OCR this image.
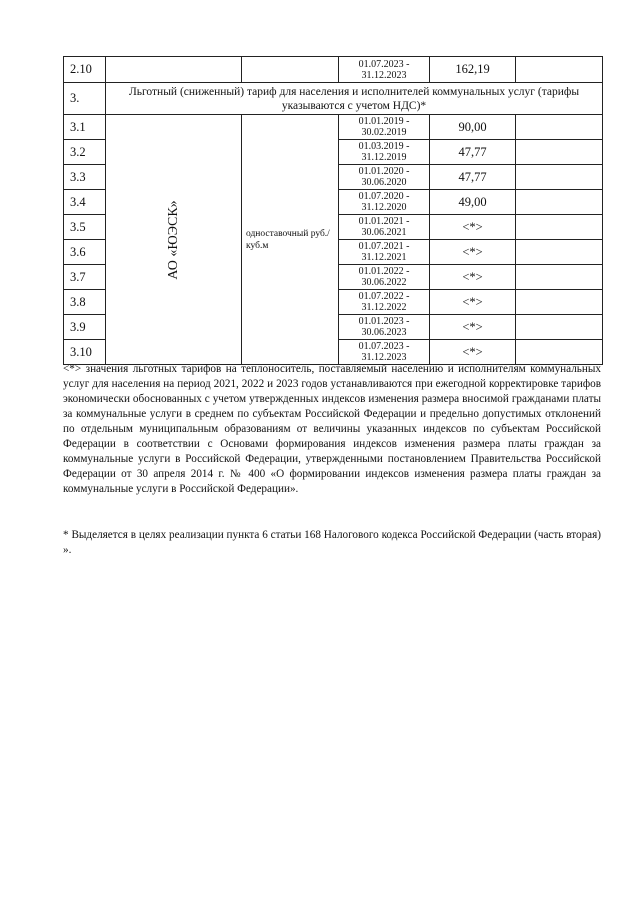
2.10			01.07.2023 - 31.12.2023	162,19	
3.	Льготный (сниженный) тариф для населения и исполнителей коммунальных услуг (тарифы указываются с учетом НДС)*				
3.1	АО «ЮЭСК»	одноставочный руб./куб.м	01.01.2019 - 30.02.2019	90,00	
3.2			01.03.2019 - 31.12.2019	47,77	
3.3			01.01.2020 - 30.06.2020	47,77	
3.4			01.07.2020 - 31.12.2020	49,00	
3.5			01.01.2021 - 30.06.2021	<*>	
3.6			01.07.2021 - 31.12.2021	<*>	
3.7			01.01.2022 - 30.06.2022	<*>	
3.8			01.07.2022 - 31.12.2022	<*>	
3.9			01.01.2023 - 30.06.2023	<*>	
3.10			01.07.2023 - 31.12.2023	<*>	
<*> значения льготных тарифов на теплоноситель, поставляемый населению и исполнителям коммунальных услуг для населения на период 2021, 2022 и 2023 годов устанавливаются при ежегодной корректировке тарифов экономически обоснованных с учетом утвержденных индексов изменения размера вносимой гражданами платы за коммунальные услуги в среднем по субъектам Российской Федерации и предельно допустимых отклонений по отдельным муниципальным образованиям от величины указанных индексов по субъектам Российской Федерации в соответствии с Основами формирования индексов изменения размера платы граждан за коммунальные услуги в Российской Федерации, утвержденными постановлением Правительства Российской Федерации от 30 апреля 2014 г. № 400 «О формировании индексов изменения размера платы граждан за коммунальные услуги в Российской Федерации».
* Выделяется в целях реализации пункта 6 статьи 168 Налогового кодекса Российской Федерации (часть вторая) ».
